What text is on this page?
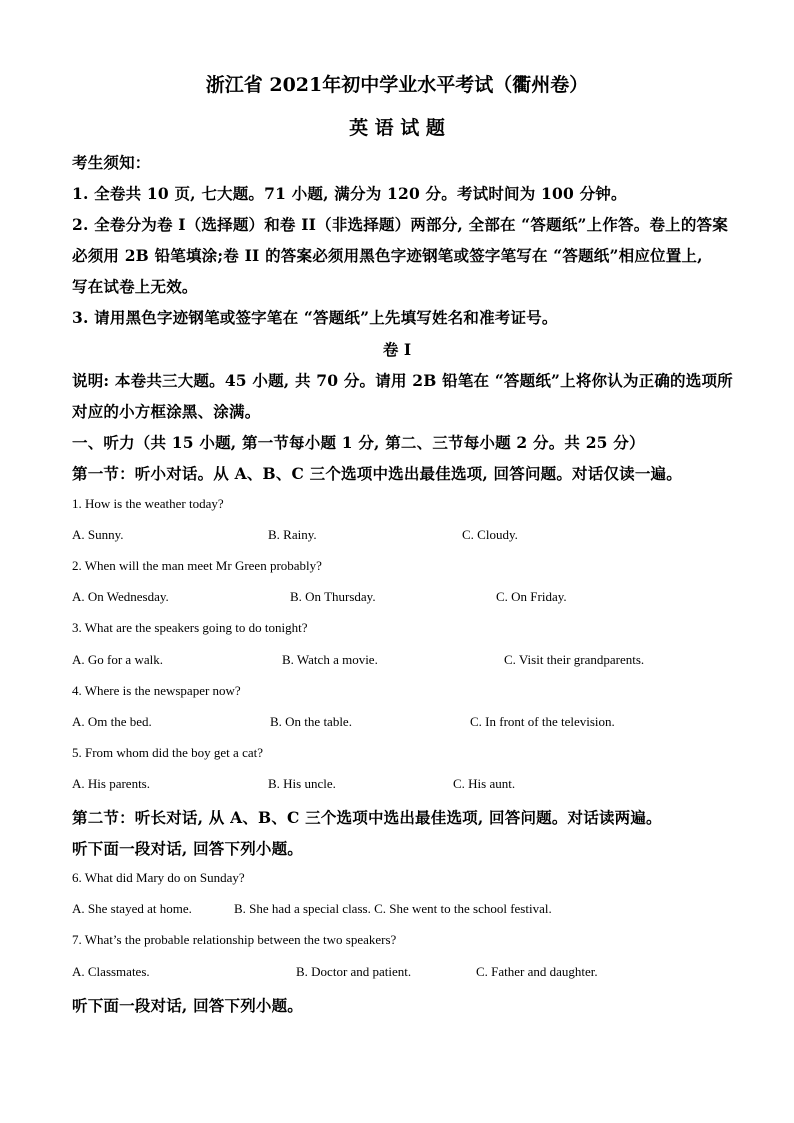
浙江省 2021年初中学业水平考试（衢州卷）
英 语 试 题
考生须知：
1. 全卷共 10 页, 七大题。71 小题, 满分为 120 分。考试时间为 100 分钟。
2. 全卷分为卷 I（选择题）和卷 II（非选择题）两部分, 全部在 “答题纸”上作答。卷上的答案
必须用 2B 铅笔填涂;卷 II 的答案必须用黑色字迹钢笔或签字笔写在 “答题纸”相应位置上,
写在试卷上无效。
3. 请用黑色字迹钢笔或签字笔在 “答题纸”上先填写姓名和准考证号。
卷 I
说明: 本卷共三大题。45 小题, 共 70 分。请用 2B 铅笔在 “答题纸”上将你认为正确的选项所
对应的小方框涂黑、涂满。
一、听力（共 15 小题, 第一节每小题 1 分, 第二、三节每小题 2 分。共 25 分）
第一节：听小对话。从 A、B、C 三个选项中选出最佳选项, 回答问题。对话仅读一遍。
1. How is the weather today?
A. Sunny.	B. Rainy.	C. Cloudy.
2. When will the man meet Mr Green probably?
A. On Wednesday.	B. On Thursday.	C. On Friday.
3. What are the speakers going to do tonight?
A. Go for a walk.	B. Watch a movie.	C. Visit their grandparents.
4. Where is the newspaper now?
A. Om the bed.	B. On the table.	C. In front of the television.
5. From whom did the boy get a cat?
A. His parents.	B. His uncle.	C. His aunt.
第二节：听长对话, 从 A、B、C 三个选项中选出最佳选项, 回答问题。对话读两遍。
听下面一段对话, 回答下列小题。
6. What did Mary do on Sunday?
A. She stayed at home.	B. She had a special class. C. She went to the school festival.
7. What’s the probable relationship between the two speakers?
A. Classmates.	B. Doctor and patient.	C. Father and daughter.
听下面一段对话, 回答下列小题。
